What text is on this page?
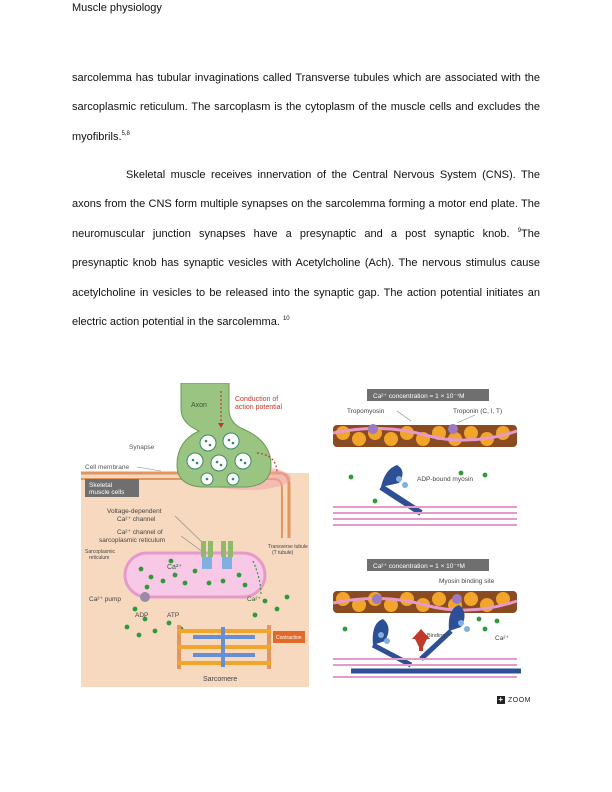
Muscle physiology
sarcolemma has tubular invaginations called Transverse tubules which are associated with the sarcoplasmic reticulum. The sarcoplasm is the cytoplasm of the muscle cells and excludes the myofibrils.$^{5,8}$
Skeletal muscle receives innervation of the Central Nervous System (CNS). The axons from the CNS form multiple synapses on the sarcolemma forming a motor end plate. The neuromuscular junction synapses have a presynaptic and a post synaptic knob. $^9$The presynaptic knob has synaptic vesicles with Acetylcholine (Ach). The nervous stimulus cause acetylcholine in vesicles to be released into the synaptic gap. The action potential initiates an electric action potential in the sarcolemma. $^{10}$
Axon
Conduction of
action potential
Synapse
Cell membrane
Skeletal
muscle cells
Voltage-dependent
Ca²⁺ channel
Ca²⁺ channel of
sarcoplasmic reticulum
Sarcoplasmic
reticulum
Ca²⁺
Ca²⁺
Transverse tubule
(T tubule)
Ca²⁺ pump
ADP	ATP
Contraction
Sarcomere
Ca²⁺ concentration = 1 × 10⁻⁷M
Tropomyosin	Troponin (C, I, T)
ADP-bound myosin
Ca²⁺ concentration = 1 × 10⁻⁵M
Myosin binding site
Binding	Ca²⁺
+ ZOOM
